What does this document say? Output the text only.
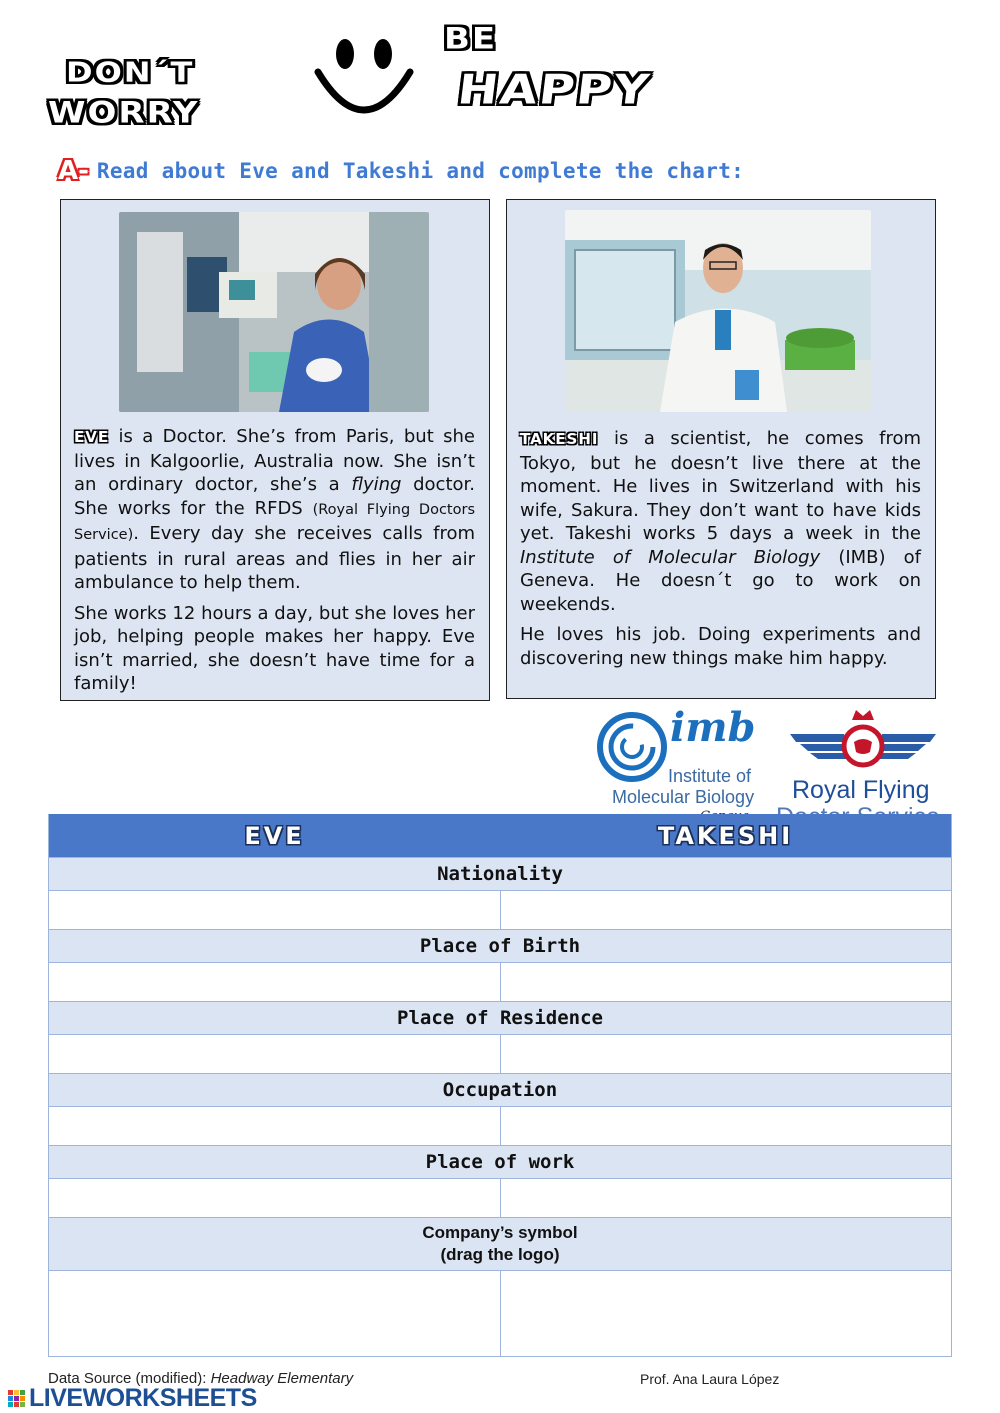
DON´T
WORRY
BE
HAPPY
A- Read about Eve and Takeshi and complete the chart:

EVE is a Doctor. She’s from Paris, but she lives in Kalgoorlie, Australia now. She isn’t an ordinary doctor, she’s a flying doctor. She works for the RFDS (Royal Flying Doctors Service). Every day she receives calls from patients in rural areas and flies in her air ambulance to help them.

She works 12 hours a day, but she loves her job, helping people makes her happy. Eve isn’t married, she doesn’t have time for a family!

TAKESHI is a scientist, he comes from Tokyo, but he doesn’t live there at the moment. He lives in Switzerland with his wife, Sakura. They don’t want to have kids yet. Takeshi works 5 days a week in the Institute of Molecular Biology (IMB) of Geneva. He doesn´t go to work on weekends.

He loves his job. Doing experiments and discovering new things make him happy.

imb
Institute of
Molecular Biology Royal Flying
EVE	TAKESHI
Nationality
Place of Birth
Place of Residence
Occupation
Place of work
Company’s symbol
(drag the logo)
Data Source (modified): Headway Elementary	Prof. Ana Laura López
LIVEWORKSHEETS
